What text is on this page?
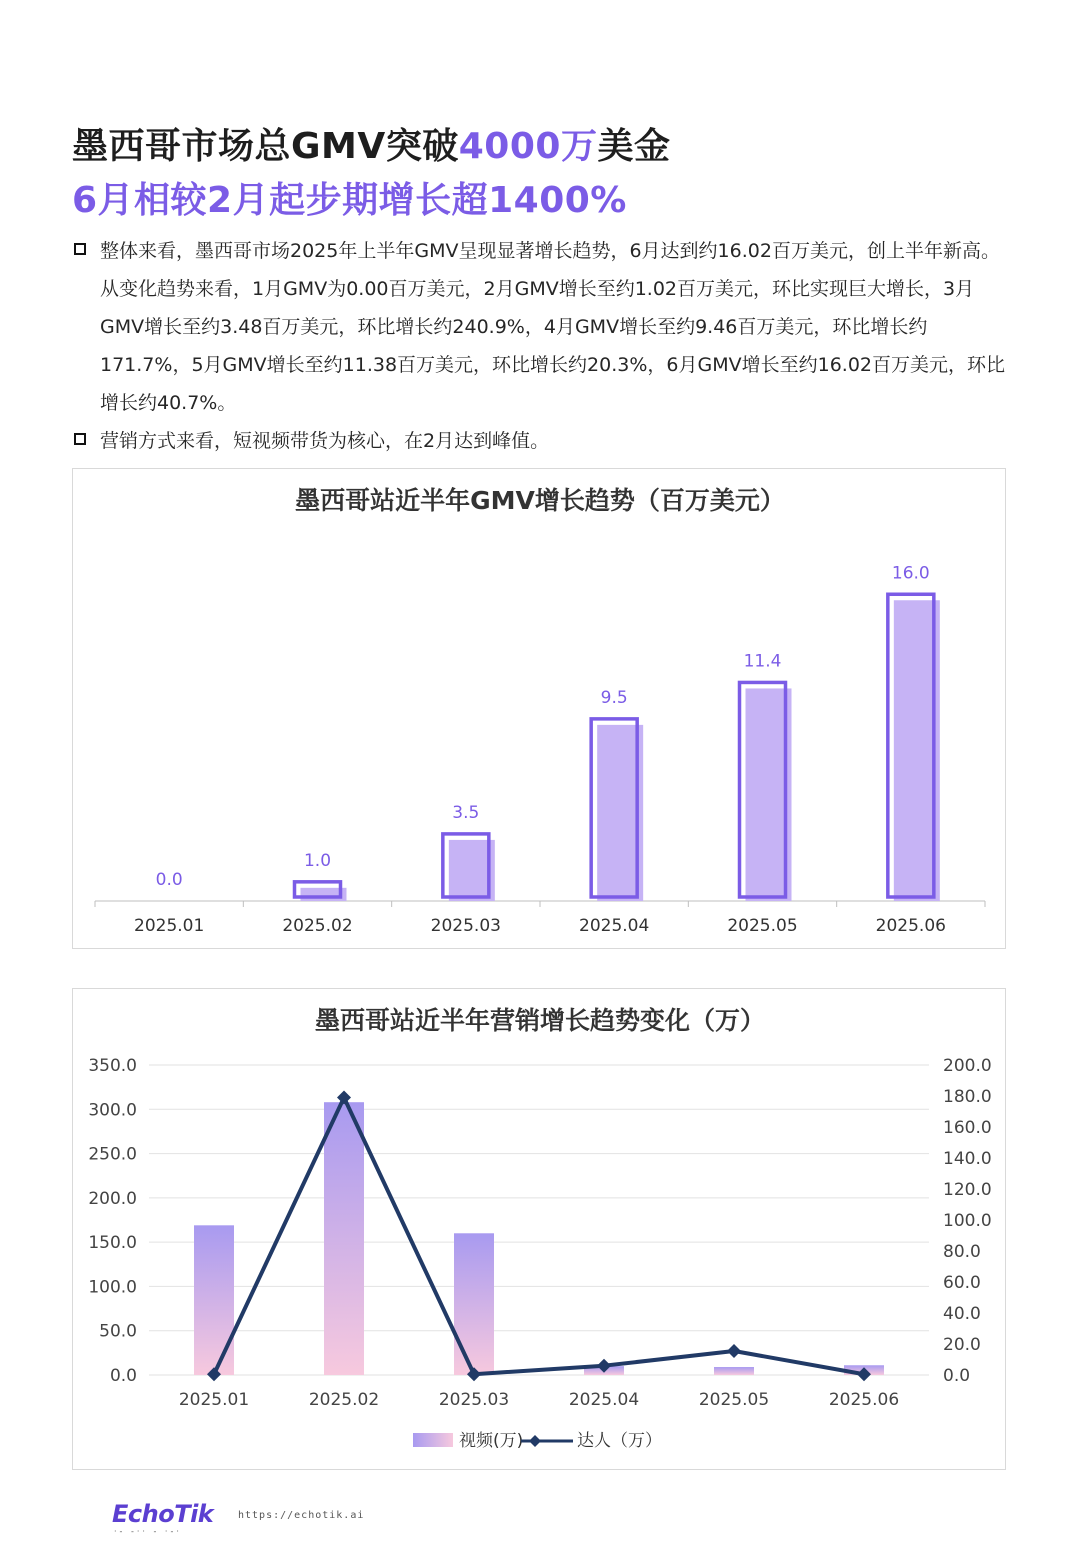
墨西哥市场总GMV突破4000万美金
6月相较2月起步期增长超1400%
整体来看，墨西哥市场2025年上半年GMV呈现显著增长趋势，6月达到约16.02百万美元，创上半年新高。从变化趋势来看，1月GMV为0.00百万美元，2月GMV增长至约1.02百万美元，环比实现巨大增长，3月GMV增长至约3.48百万美元，环比增长约240.9%，4月GMV增长至约9.46百万美元，环比增长约171.7%，5月GMV增长至约11.38百万美元，环比增长约20.3%，6月GMV增长至约16.02百万美元，环比增长约40.7%。
营销方式来看，短视频带货为核心，在2月达到峰值。
墨西哥站近半年GMV增长趋势（百万美元）
0.0
2025.01
1.0
2025.02
3.5
2025.03
9.5
2025.04
11.4
2025.05
16.0
2025.06
墨西哥站近半年营销增长趋势变化（万）
0.0
50.0
100.0
150.0
200.0
250.0
300.0
350.0
0.0
20.0
40.0
60.0
80.0
100.0
120.0
140.0
160.0
180.0
200.0
2025.01	2025.02	2025.03	2025.04	2025.05	2025.06
视频(万)	达人（万）
EchoTik
·- -·· - ·-·
https://echotik.ai
